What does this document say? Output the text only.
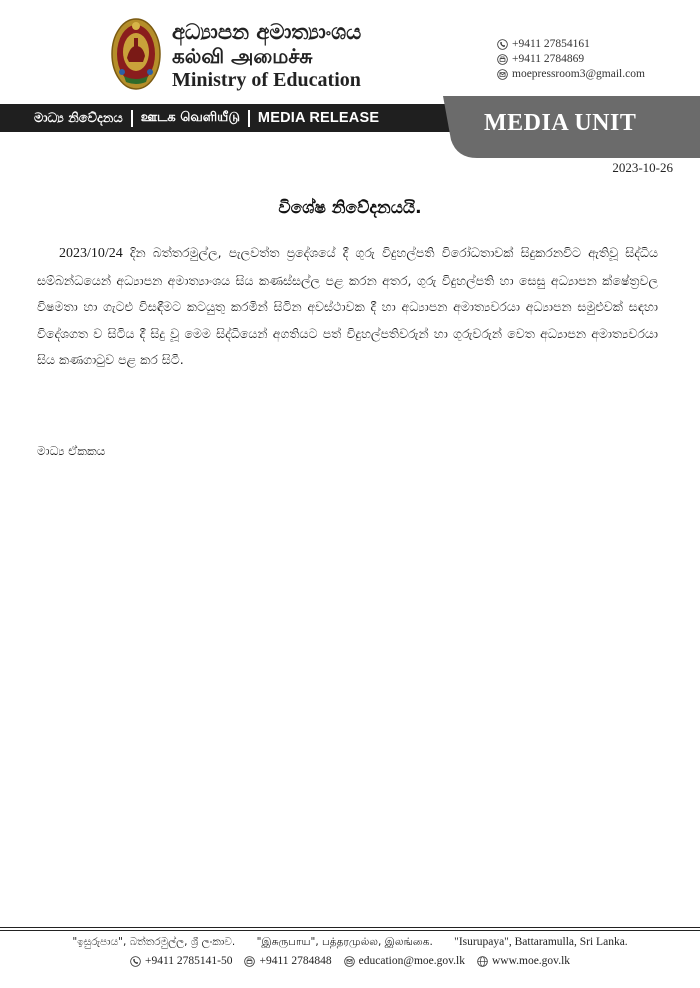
අධ්‍යාපන අමාත්‍යාංශය
கல்வி அமைச்சு
Ministry of Education
+9411 27854161
+9411 2784869
moepressroom3@gmail.com
මාධ්‍ය නිවේදනය ஊடக வெளியீடு MEDIA RELEASE	MEDIA UNIT
2023-10-26
විශේෂ නිවේදනයයි.
2023/10/24 දින බත්තරමුල්ල, පැලවත්ත ප්‍රදේශයේ දී ගුරු විදුහල්පති විරෝධතාවක් සිදුකරනවිට ඇතිවූ සිද්ධිය සම්බන්ධයෙන් අධ්‍යාපන අමාත්‍යාංශය සිය කණස්සල්ල පළ කරන අතර, ගුරු විදුහල්පති හා සෙසු අධ්‍යාපන ක්ෂේත්‍රවල විෂමතා හා ගැටළු විසඳීමට කටයුතු කරමින් සිටින අවස්ථාවක දී හා අධ්‍යාපන අමාත්‍යවරයා අධ්‍යාපන සමුළුවක් සඳහා විදේශගත ව සිටිය දී සිදු වූ මෙම සිද්ධියෙන් අගතියට පත් විදුහල්පතිවරුන් හා ගුරුවරුන් වෙත අධ්‍යාපන අමාත්‍යවරයා සිය කණගාටුව පළ කර සිටී.
මාධ්‍ය ඒකකය
"ඉසුරුපාය", බත්තරමුල්ල, ශ්‍රී ලංකාව. "இசுருபாய", பத்தரமுல்ல, இலங்கை. "Isurupaya", Battaramulla, Sri Lanka.
+9411 2785141-50 +9411 2784848 education@moe.gov.lk www.moe.gov.lk
